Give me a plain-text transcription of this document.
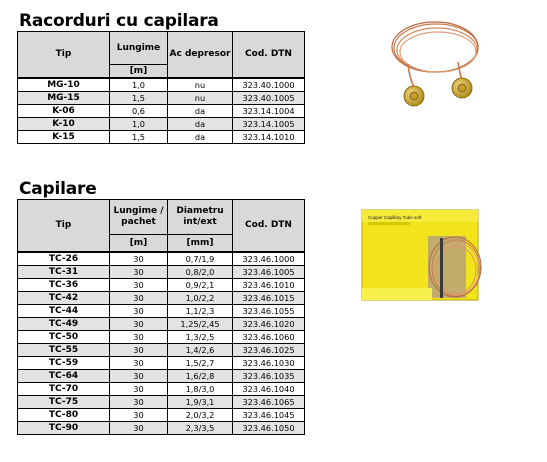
Racorduri cu capilara
Tip	Lungime	Ac depresor	Cod. DTN
	[m]		
MG-10	1,0	nu	323.40.1000
MG-15	1,5	nu	323.40.1005
K-06	0,6	da	323.14.1004
K-10	1,0	da	323.14.1005
K-15	1,5	da	323.14.1010
Capilare
Tip	Lungime / pachet	Diametru int/ext	Cod. DTN
	[m]	[mm]	
TC-26	30	0,7/1,9	323.46.1000
TC-31	30	0,8/2,0	323.46.1005
TC-36	30	0,9/2,1	323.46.1010
TC-42	30	1,0/2,2	323.46.1015
TC-44	30	1,1/2,3	323.46.1055
TC-49	30	1,25/2,45	323.46.1020
TC-50	30	1,3/2,5	323.46.1060
TC-55	30	1,4/2,6	323.46.1025
TC-59	30	1,5/2,7	323.46.1030
TC-64	30	1,6/2,8	323.46.1035
TC-70	30	1,8/3,0	323.46.1040
TC-75	30	1,9/3,1	323.46.1065
TC-80	30	2,0/3,2	323.46.1045
TC-90	30	2,3/3,5	323.46.1050
Copper Capillary Tube soft
